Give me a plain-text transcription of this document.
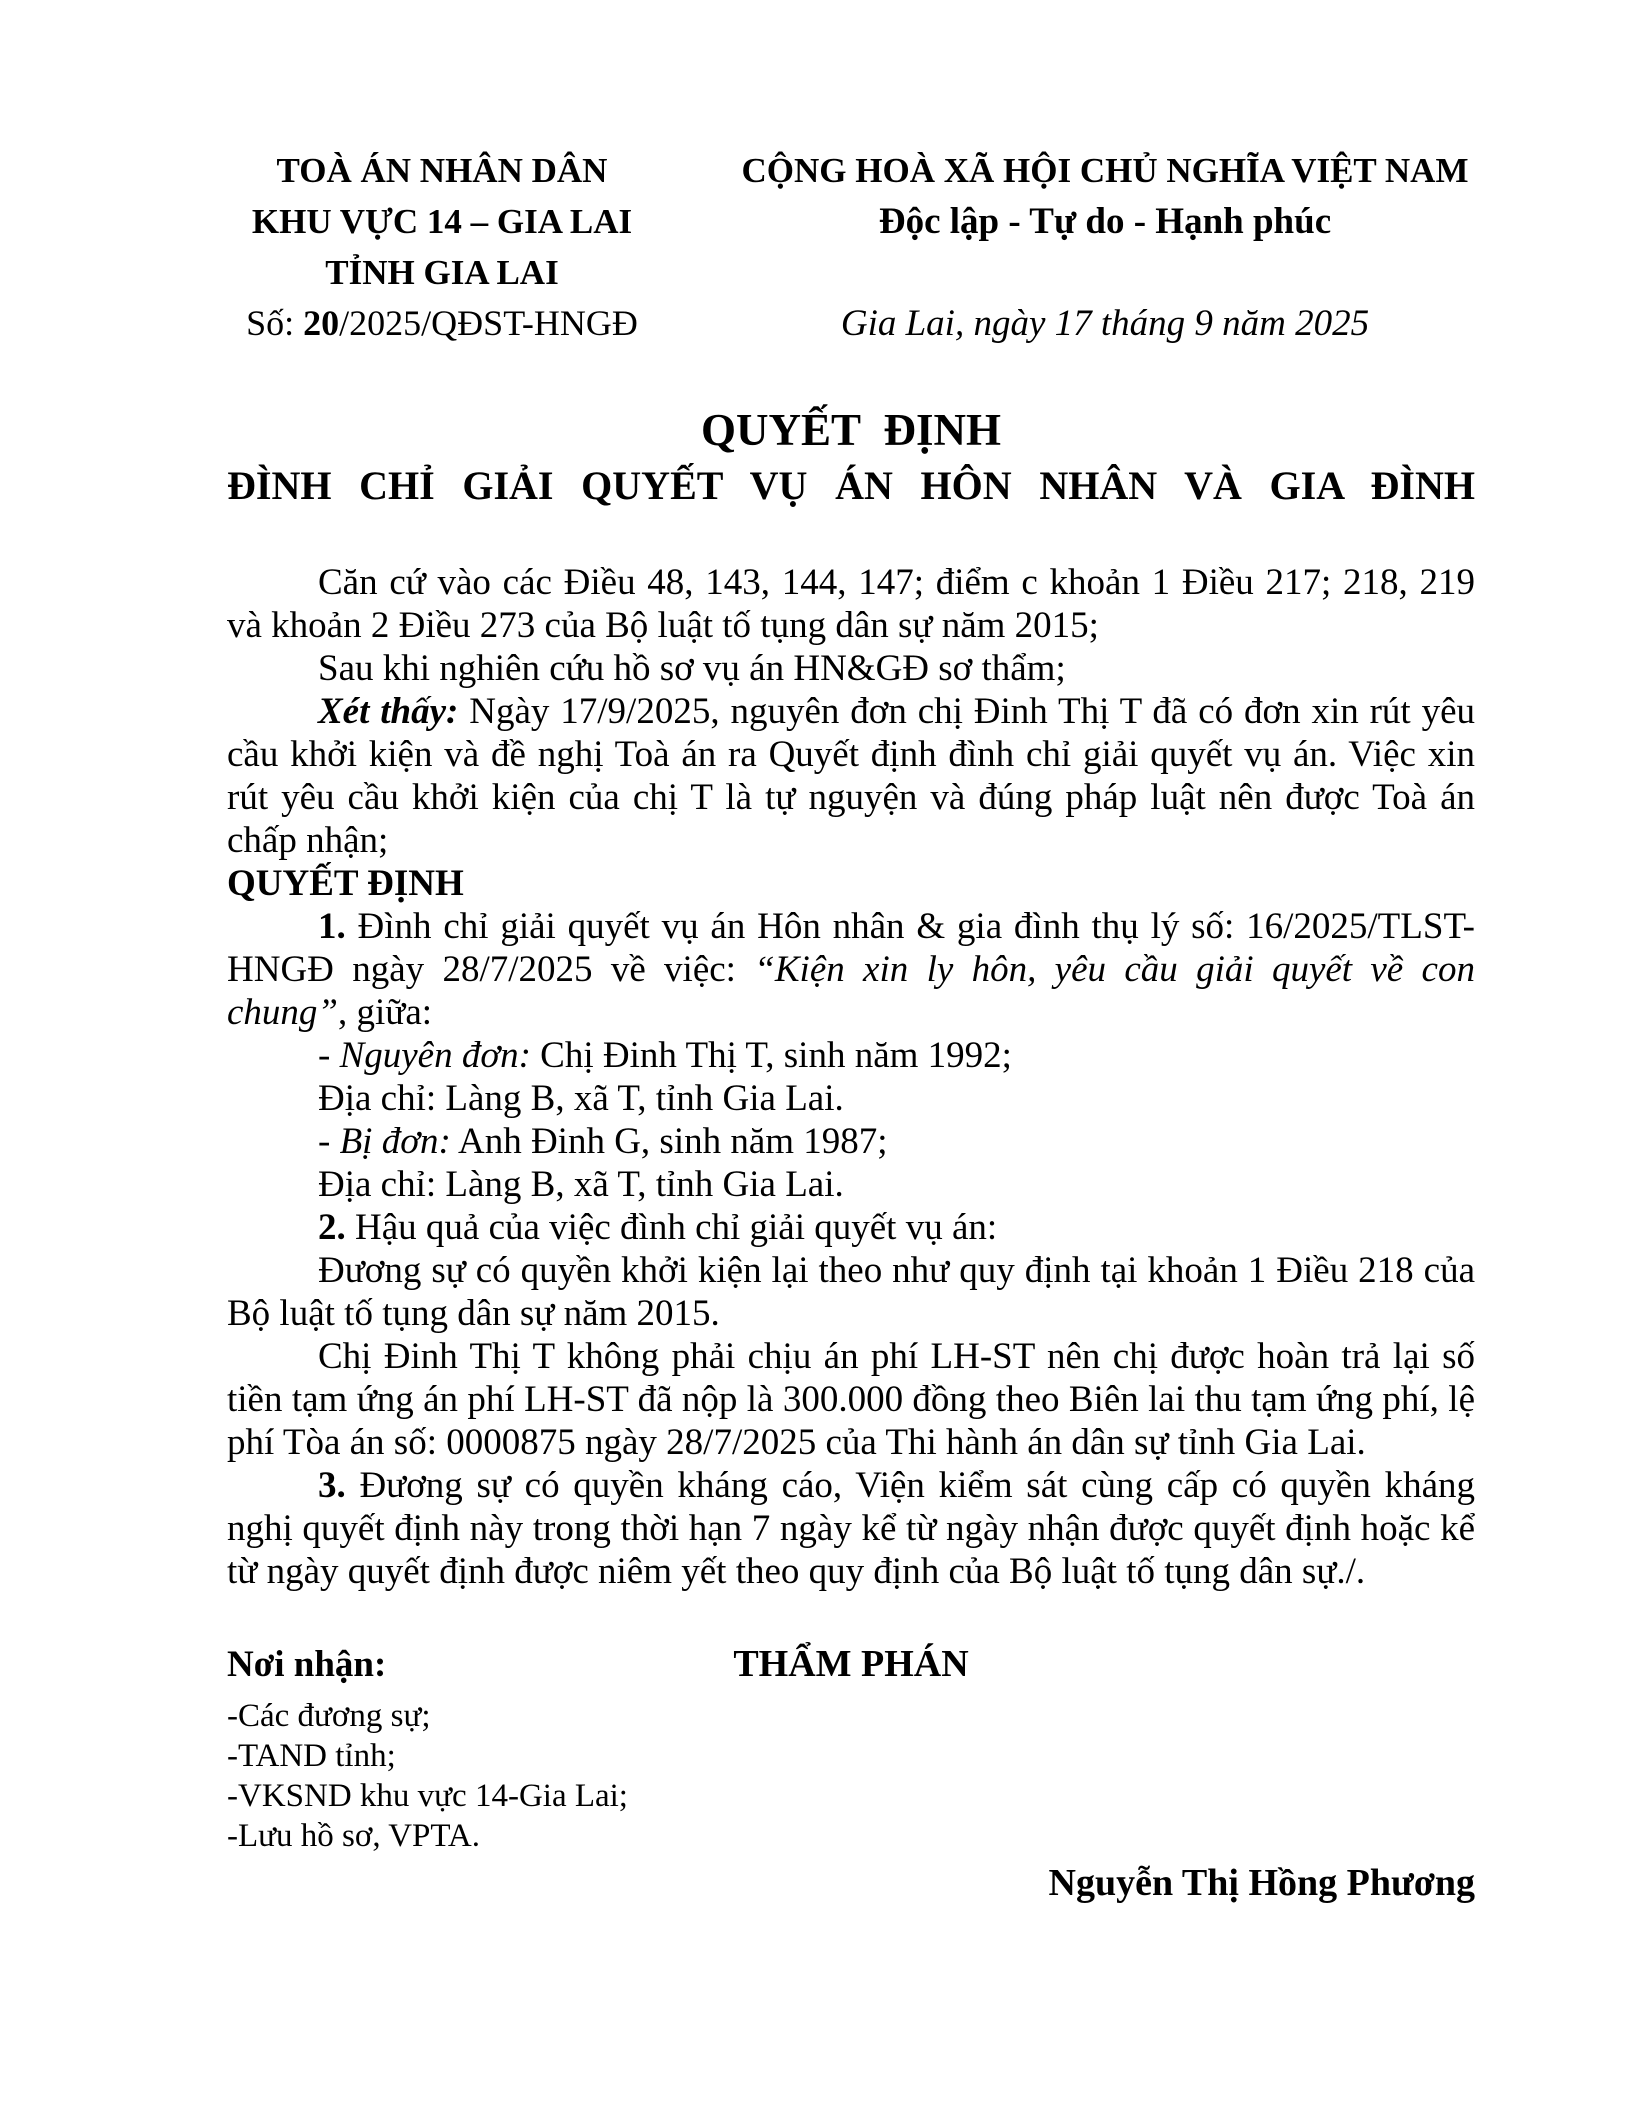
TOÀ ÁN NHÂN DÂN
KHU VỰC 14 – GIA LAI
TỈNH GIA LAI
Số: 20/2025/QĐST-HNGĐ
CỘNG HOÀ XÃ HỘI CHỦ NGHĨA VIỆT NAM
Độc lập - Tự do - Hạnh phúc
Gia Lai, ngày 17 tháng 9 năm 2025
QUYẾT ĐỊNH
ĐÌNH CHỈ GIẢI QUYẾT VỤ ÁN HÔN NHÂN VÀ GIA ĐÌNH

Căn cứ vào các Điều 48, 143, 144, 147; điểm c khoản 1 Điều 217; 218, 219 và khoản 2 Điều 273 của Bộ luật tố tụng dân sự năm 2015;

Sau khi nghiên cứu hồ sơ vụ án HN&GĐ sơ thẩm;

Xét thấy: Ngày 17/9/2025, nguyên đơn chị Đinh Thị T đã có đơn xin rút yêu cầu khởi kiện và đề nghị Toà án ra Quyết định đình chỉ giải quyết vụ án. Việc xin rút yêu cầu khởi kiện của chị T là tự nguyện và đúng pháp luật nên được Toà án chấp nhận;

QUYẾT ĐỊNH

1. Đình chỉ giải quyết vụ án Hôn nhân & gia đình thụ lý số: 16/2025/TLST-HNGĐ ngày 28/7/2025 về việc: “Kiện xin ly hôn, yêu cầu giải quyết về con chung”, giữa:

- Nguyên đơn: Chị Đinh Thị T, sinh năm 1992;

Địa chỉ: Làng B, xã T, tỉnh Gia Lai.

- Bị đơn: Anh Đinh G, sinh năm 1987;

Địa chỉ: Làng B, xã T, tỉnh Gia Lai.

2. Hậu quả của việc đình chỉ giải quyết vụ án:

Đương sự có quyền khởi kiện lại theo như quy định tại khoản 1 Điều 218 của Bộ luật tố tụng dân sự năm 2015.

Chị Đinh Thị T không phải chịu án phí LH-ST nên chị được hoàn trả lại số tiền tạm ứng án phí LH-ST đã nộp là 300.000 đồng theo Biên lai thu tạm ứng phí, lệ phí Tòa án số: 0000875 ngày 28/7/2025 của Thi hành án dân sự tỉnh Gia Lai.

3. Đương sự có quyền kháng cáo, Viện kiểm sát cùng cấp có quyền kháng nghị quyết định này trong thời hạn 7 ngày kể từ ngày nhận được quyết định hoặc kể từ ngày quyết định được niêm yết theo quy định của Bộ luật tố tụng dân sự./.

THẨM PHÁN
Nơi nhận:
-Các đương sự;
-TAND tỉnh;
-VKSND khu vực 14-Gia Lai;
-Lưu hồ sơ, VPTA.
Nguyễn Thị Hồng Phương
